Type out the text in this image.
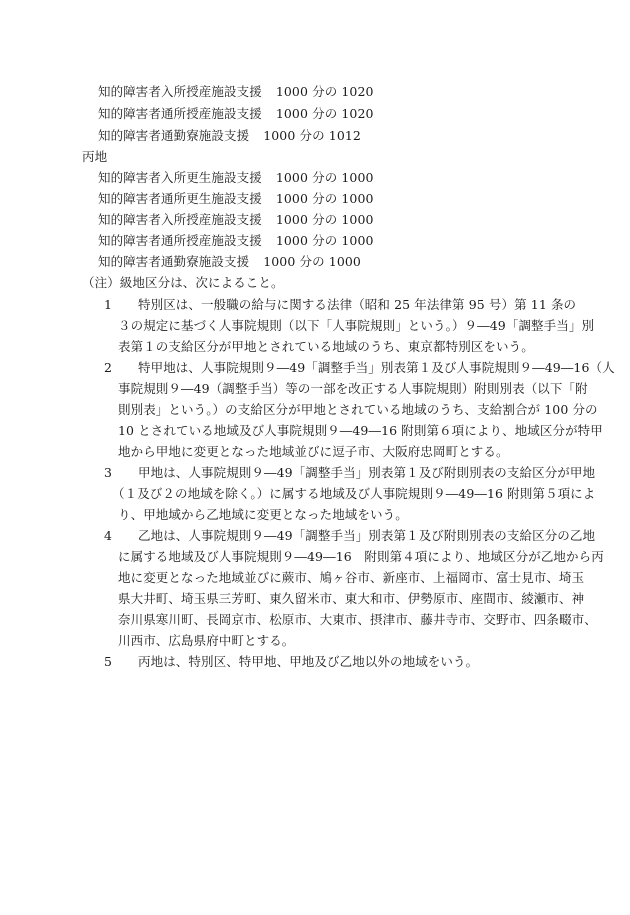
知的障害者入所授産施設支援 1000 分の 1020
知的障害者通所授産施設支援 1000 分の 1020
知的障害者通勤寮施設支援 1000 分の 1012
丙地
知的障害者入所更生施設支援 1000 分の 1000
知的障害者通所更生施設支援 1000 分の 1000
知的障害者入所授産施設支援 1000 分の 1000
知的障害者通所授産施設支援 1000 分の 1000
知的障害者通勤寮施設支援 1000 分の 1000
（注）級地区分は、次によること。
1 特別区は、一般職の給与に関する法律（昭和 25 年法律第 95 号）第 11 条の
３の規定に基づく人事院規則（以下「人事院規則」という。）９―49「調整手当」別
表第１の支給区分が甲地とされている地域のうち、東京都特別区をいう。
2 特甲地は、人事院規則９―49「調整手当」別表第１及び人事院規則９―49―16（人
事院規則９―49（調整手当）等の一部を改正する人事院規則）附則別表（以下「附
則別表」という。）の支給区分が甲地とされている地域のうち、支給割合が 100 分の
10 とされている地域及び人事院規則９―49―16 附則第６項により、地域区分が特甲
地から甲地に変更となった地域並びに逗子市、大阪府忠岡町とする。
3 甲地は、人事院規則９―49「調整手当」別表第１及び附則別表の支給区分が甲地
（１及び２の地域を除く。）に属する地域及び人事院規則９―49―16 附則第５項によ
り、甲地域から乙地域に変更となった地域をいう。
4 乙地は、人事院規則９―49「調整手当」別表第１及び附則別表の支給区分の乙地
に属する地域及び人事院規則９―49―16　附則第４項により、地域区分が乙地から丙
地に変更となった地域並びに蕨市、鳩ヶ谷市、新座市、上福岡市、富士見市、埼玉
県大井町、埼玉県三芳町、東久留米市、東大和市、伊勢原市、座間市、綾瀬市、神
奈川県寒川町、長岡京市、松原市、大東市、摂津市、藤井寺市、交野市、四条畷市、
川西市、広島県府中町とする。
5 丙地は、特別区、特甲地、甲地及び乙地以外の地域をいう。
